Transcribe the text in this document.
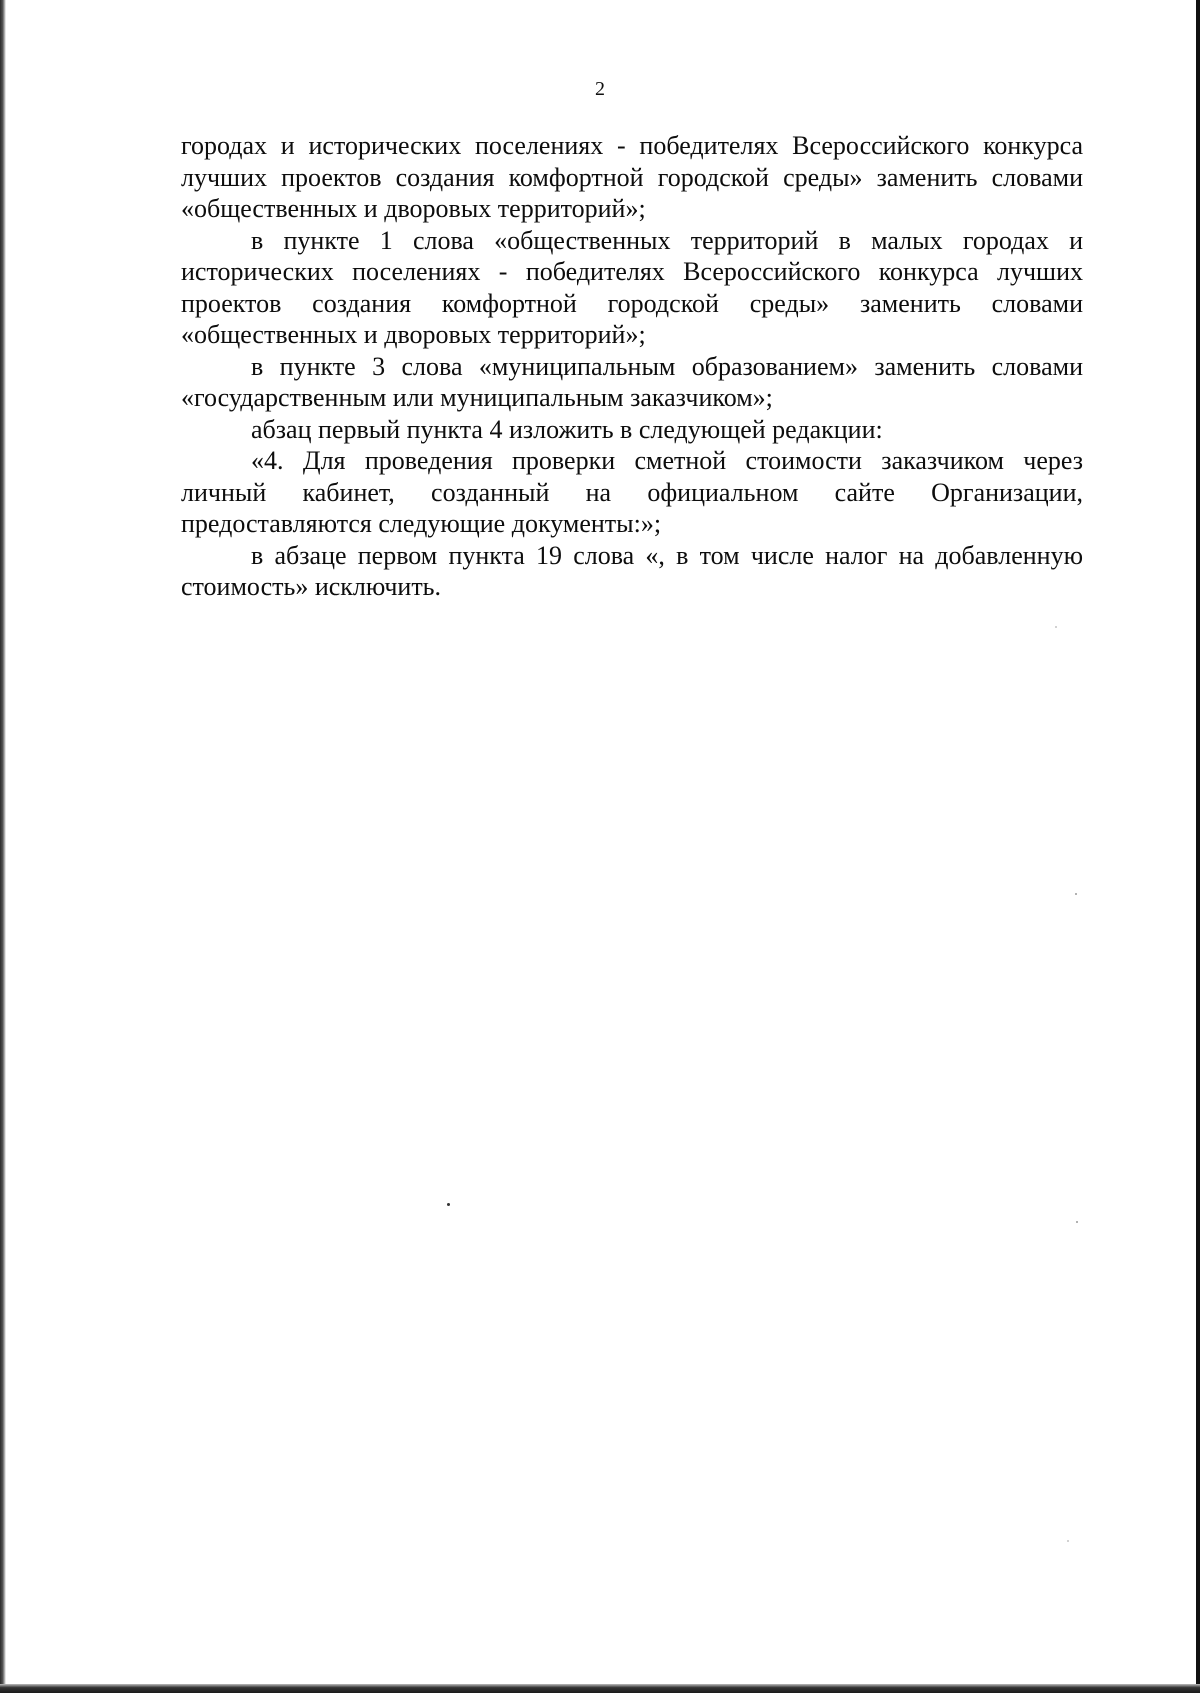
2

городах и исторических поселениях - победителях Всероссийского конкурса лучших проектов создания комфортной городской среды» заменить словами «общественных и дворовых территорий»;

в пункте 1 слова «общественных территорий в малых городах и исторических поселениях - победителях Всероссийского конкурса лучших проектов создания комфортной городской среды» заменить словами «общественных и дворовых территорий»;

в пункте 3 слова «муниципальным образованием» заменить словами «государственным или муниципальным заказчиком»;

абзац первый пункта 4 изложить в следующей редакции:

«4. Для проведения проверки сметной стоимости заказчиком через личный кабинет, созданный на официальном сайте Организации, предоставляются следующие документы:»;

в абзаце первом пункта 19 слова «, в том числе налог на добавленную стоимость» исключить.
